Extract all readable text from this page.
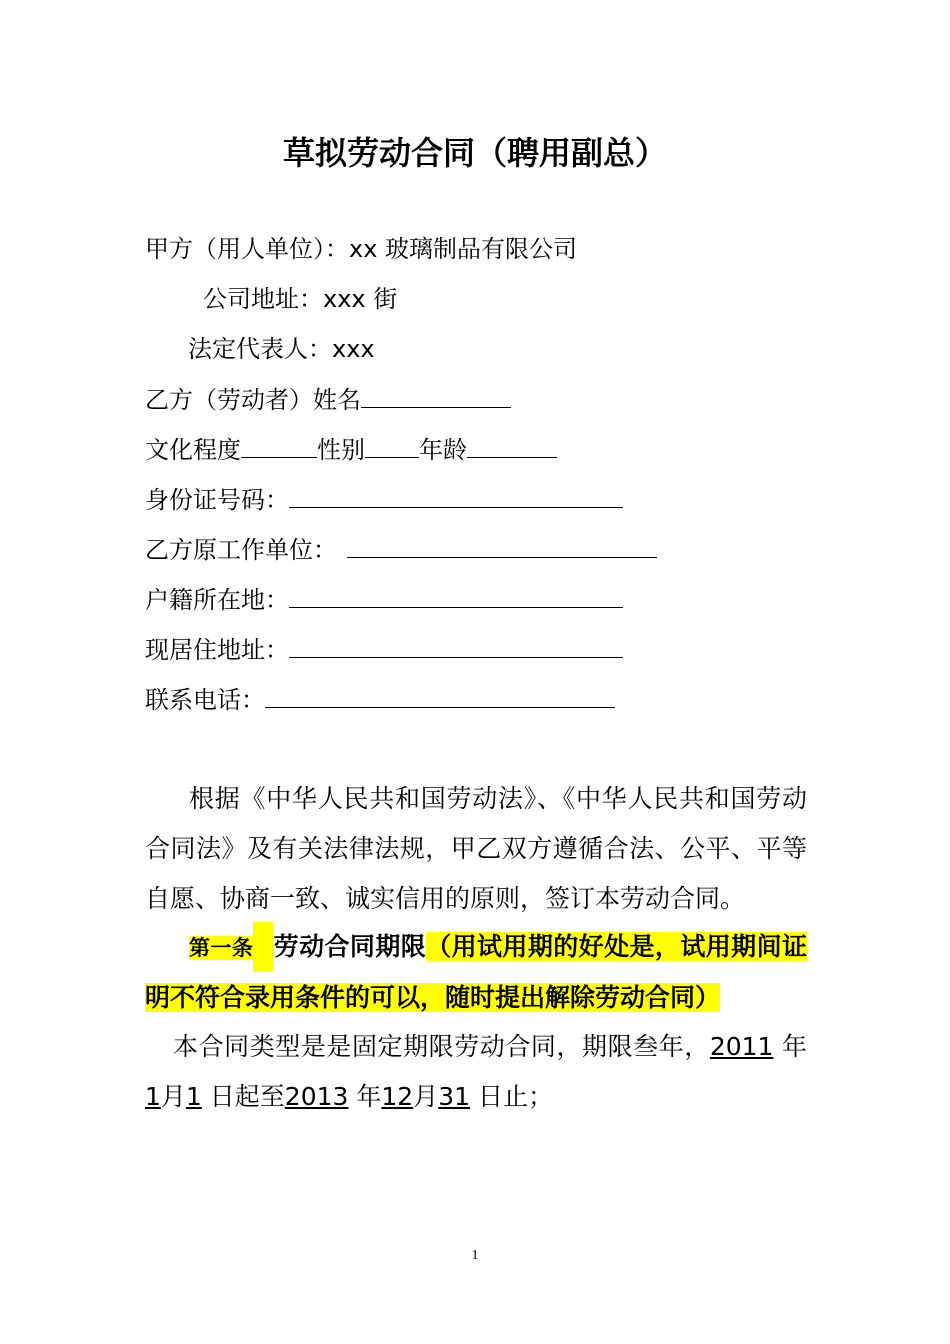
草拟劳动合同（聘用副总）
甲方（用人单位）：xx 玻璃制品有限公司
公司地址：xxx 街
法定代表人：xxx
乙方（劳动者）姓名
文化程度	性别 年龄
身份证号码：
乙方原工作单位：
户籍所在地：
现居住地址：
联系电话：

根据《中华人民共和国劳动法》、《中华人民共和国劳动合同法》及有关法律法规，甲乙双方遵循合法、公平、平等自愿、协商一致、诚实信用的原则，签订本劳动合同。

第一条 劳动合同期限（用试用期的好处是，试用期间证明不符合录用条件的可以，随时提出解除劳动合同）

本合同类型是是固定期限劳动合同，期限叁年，2011 年1月1 日起至2013 年12月31 日止；

1
